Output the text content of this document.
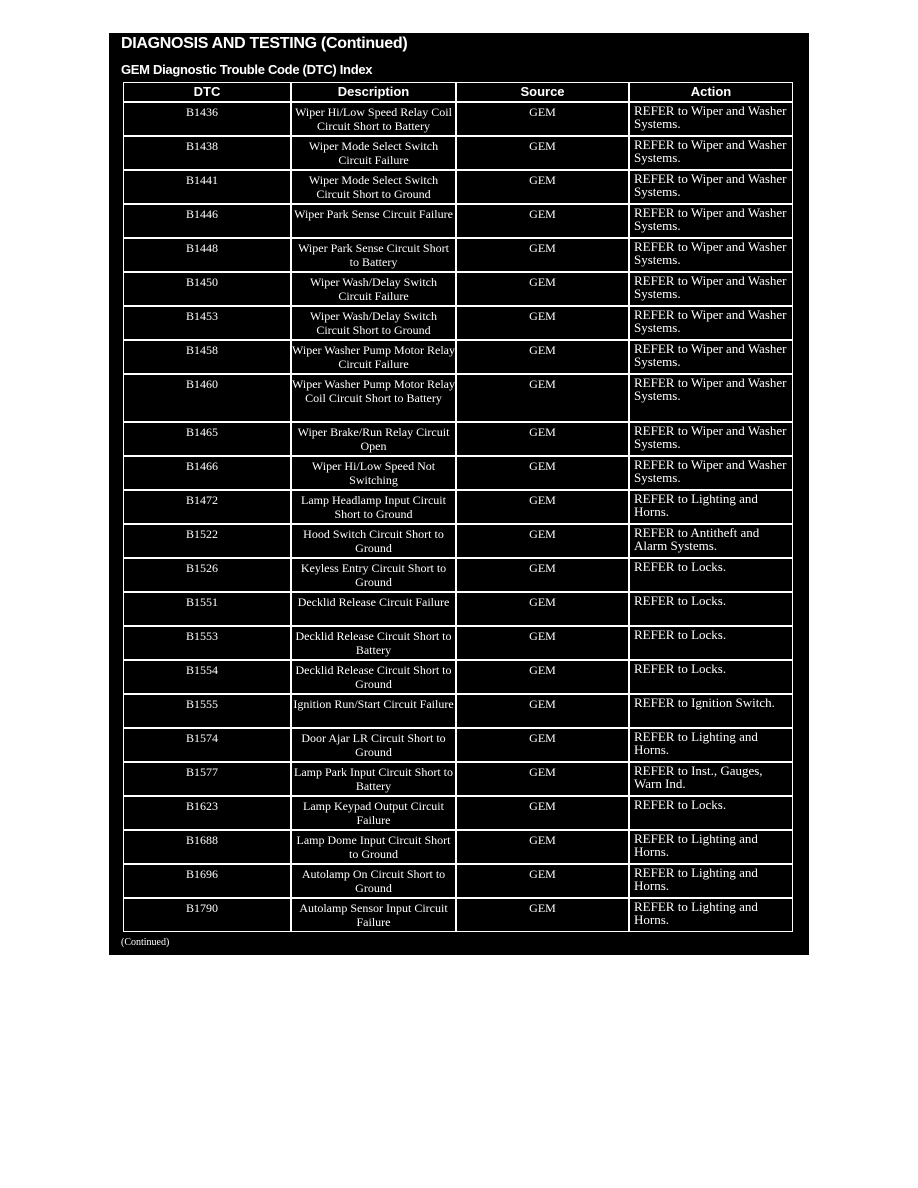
DIAGNOSIS AND TESTING (Continued)
GEM Diagnostic Trouble Code (DTC) Index
DTC	Description	Source	Action
B1436	Wiper Hi/Low Speed Relay Coil Circuit Short to Battery	GEM	REFER to Wiper and Washer Systems.
B1438	Wiper Mode Select Switch Circuit Failure	GEM	REFER to Wiper and Washer Systems.
B1441	Wiper Mode Select Switch Circuit Short to Ground	GEM	REFER to Wiper and Washer Systems.
B1446	Wiper Park Sense Circuit Failure	GEM	REFER to Wiper and Washer Systems.
B1448	Wiper Park Sense Circuit Short to Battery	GEM	REFER to Wiper and Washer Systems.
B1450	Wiper Wash/Delay Switch Circuit Failure	GEM	REFER to Wiper and Washer Systems.
B1453	Wiper Wash/Delay Switch Circuit Short to Ground	GEM	REFER to Wiper and Washer Systems.
B1458	Wiper Washer Pump Motor Relay Circuit Failure	GEM	REFER to Wiper and Washer Systems.
B1460	Wiper Washer Pump Motor Relay Coil Circuit Short to Battery	GEM	REFER to Wiper and Washer Systems.
B1465	Wiper Brake/Run Relay Circuit Open	GEM	REFER to Wiper and Washer Systems.
B1466	Wiper Hi/Low Speed Not Switching	GEM	REFER to Wiper and Washer Systems.
B1472	Lamp Headlamp Input Circuit Short to Ground	GEM	REFER to Lighting and Horns.
B1522	Hood Switch Circuit Short to Ground	GEM	REFER to Antitheft and Alarm Systems.
B1526	Keyless Entry Circuit Short to Ground	GEM	REFER to Locks.
B1551	Decklid Release Circuit Failure	GEM	REFER to Locks.
B1553	Decklid Release Circuit Short to Battery	GEM	REFER to Locks.
B1554	Decklid Release Circuit Short to Ground	GEM	REFER to Locks.
B1555	Ignition Run/Start Circuit Failure	GEM	REFER to Ignition Switch.
B1574	Door Ajar LR Circuit Short to Ground	GEM	REFER to Lighting and Horns.
B1577	Lamp Park Input Circuit Short to Battery	GEM	REFER to Inst., Gauges, Warn Ind.
B1623	Lamp Keypad Output Circuit Failure	GEM	REFER to Locks.
B1688	Lamp Dome Input Circuit Short to Ground	GEM	REFER to Lighting and Horns.
B1696	Autolamp On Circuit Short to Ground	GEM	REFER to Lighting and Horns.
B1790	Autolamp Sensor Input Circuit Failure	GEM	REFER to Lighting and Horns.
(Continued)
